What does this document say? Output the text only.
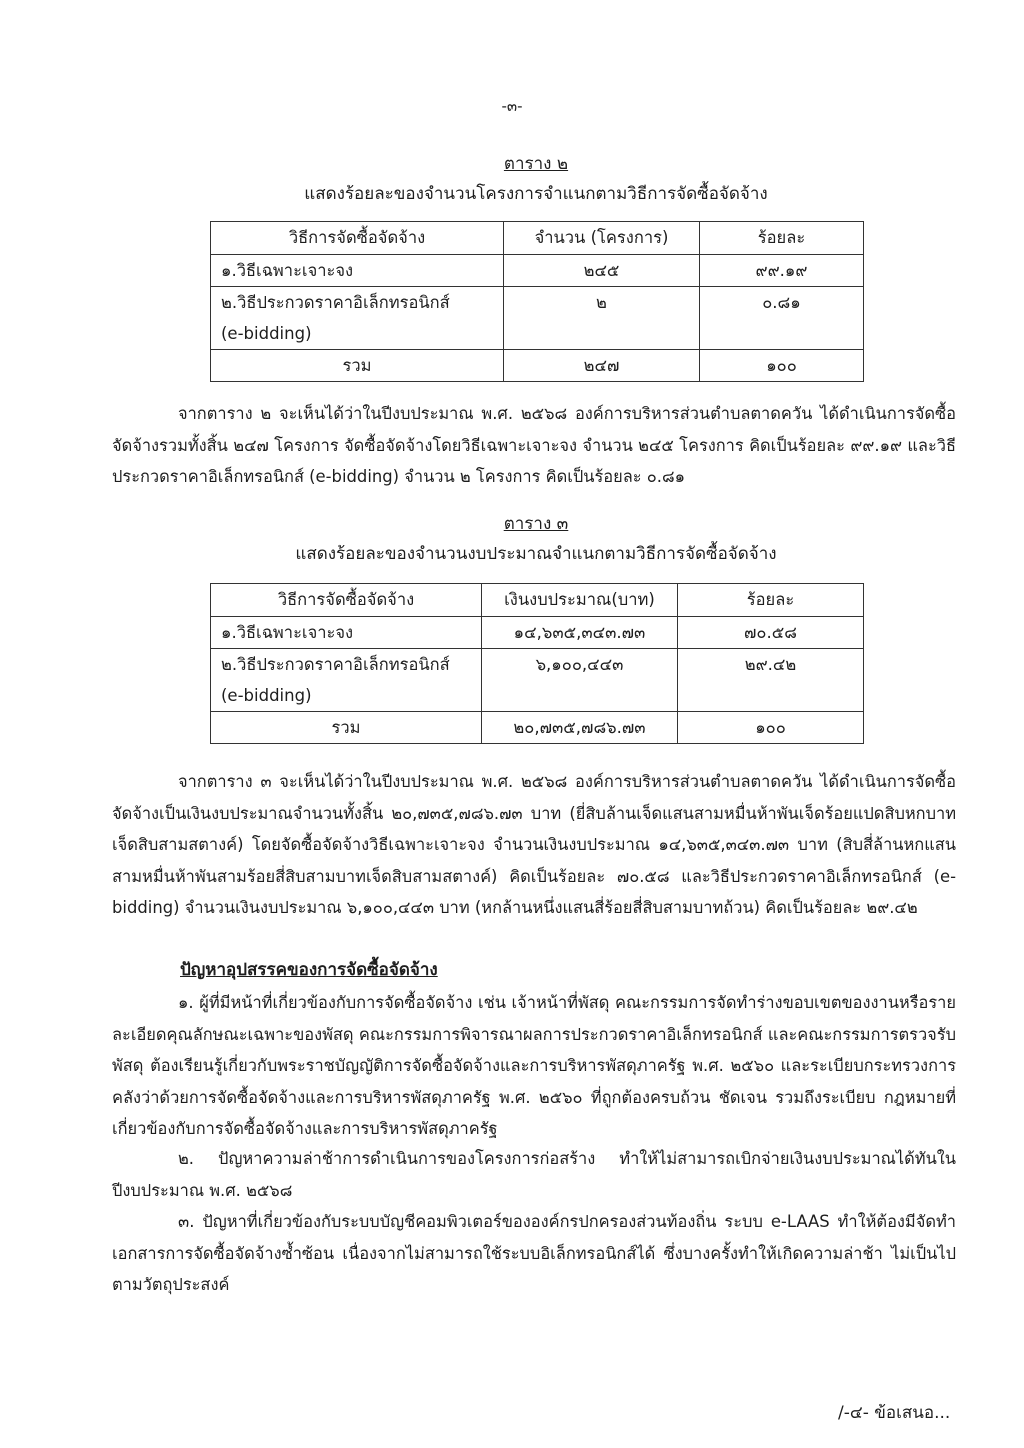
-๓-
ตาราง ๒
แสดงร้อยละของจำนวนโครงการจำแนกตามวิธีการจัดซื้อจัดจ้าง
วิธีการจัดซื้อจัดจ้าง	จำนวน (โครงการ)	ร้อยละ
๑.วิธีเฉพาะเจาะจง	๒๔๕	๙๙.๑๙

๒.วิธีประกวดราคาอิเล็กทรอนิกส์
(e-bidding)	๒	๐.๘๑
รวม	๒๔๗	๑๐๐

จากตาราง ๒ จะเห็นได้ว่าในปีงบประมาณ พ.ศ. ๒๕๖๘ องค์การบริหารส่วนตำบลตาดควัน ได้ดำเนินการจัดซื้อจัดจ้างรวมทั้งสิ้น ๒๔๗ โครงการ จัดซื้อจัดจ้างโดยวิธีเฉพาะเจาะจง จำนวน ๒๔๕ โครงการ คิดเป็นร้อยละ ๙๙.๑๙ และวิธีประกวดราคาอิเล็กทรอนิกส์ (e-bidding) จำนวน ๒ โครงการ คิดเป็นร้อยละ ๐.๘๑

ตาราง ๓
แสดงร้อยละของจำนวนงบประมาณจำแนกตามวิธีการจัดซื้อจัดจ้าง
วิธีการจัดซื้อจัดจ้าง	เงินงบประมาณ(บาท)	ร้อยละ
๑.วิธีเฉพาะเจาะจง	๑๔,๖๓๕,๓๔๓.๗๓	๗๐.๕๘

๒.วิธีประกวดราคาอิเล็กทรอนิกส์
(e-bidding)	๖,๑๐๐,๔๔๓	๒๙.๔๒
รวม	๒๐,๗๓๕,๗๘๖.๗๓	๑๐๐

จากตาราง ๓ จะเห็นได้ว่าในปีงบประมาณ พ.ศ. ๒๕๖๘ องค์การบริหารส่วนตำบลตาดควัน ได้ดำเนินการจัดซื้อจัดจ้างเป็นเงินงบประมาณจำนวนทั้งสิ้น ๒๐,๗๓๕,๗๘๖.๗๓ บาท (ยี่สิบล้านเจ็ดแสนสามหมื่นห้าพันเจ็ดร้อยแปดสิบหกบาทเจ็ดสิบสามสตางค์) โดยจัดซื้อจัดจ้างวิธีเฉพาะเจาะจง จำนวนเงินงบประมาณ ๑๔,๖๓๕,๓๔๓.๗๓ บาท (สิบสี่ล้านหกแสนสามหมื่นห้าพันสามร้อยสี่สิบสามบาทเจ็ดสิบสามสตางค์) คิดเป็นร้อยละ ๗๐.๕๘ และวิธีประกวดราคาอิเล็กทรอนิกส์ (e-bidding) จำนวนเงินงบประมาณ ๖,๑๐๐,๔๔๓ บาท (หกล้านหนึ่งแสนสี่ร้อยสี่สิบสามบาทถ้วน) คิดเป็นร้อยละ ๒๙.๔๒

ปัญหาอุปสรรคของการจัดซื้อจัดจ้าง

๑. ผู้ที่มีหน้าที่เกี่ยวข้องกับการจัดซื้อจัดจ้าง เช่น เจ้าหน้าที่พัสดุ คณะกรรมการจัดทำร่างขอบเขตของงานหรือรายละเอียดคุณลักษณะเฉพาะของพัสดุ คณะกรรมการพิจารณาผลการประกวดราคาอิเล็กทรอนิกส์ และคณะกรรมการตรวจรับพัสดุ ต้องเรียนรู้เกี่ยวกับพระราชบัญญัติการจัดซื้อจัดจ้างและการบริหารพัสดุภาครัฐ พ.ศ. ๒๕๖๐ และระเบียบกระทรวงการคลังว่าด้วยการจัดซื้อจัดจ้างและการบริหารพัสดุภาครัฐ พ.ศ. ๒๕๖๐ ที่ถูกต้องครบถ้วน ชัดเจน รวมถึงระเบียบ กฎหมายที่เกี่ยวข้องกับการจัดซื้อจัดจ้างและการบริหารพัสดุภาครัฐ

๒. ปัญหาความล่าช้าการดำเนินการของโครงการก่อสร้าง ทำให้ไม่สามารถเบิกจ่ายเงินงบประมาณได้ทันในปีงบประมาณ พ.ศ. ๒๕๖๘

๓. ปัญหาที่เกี่ยวข้องกับระบบบัญชีคอมพิวเตอร์ขององค์กรปกครองส่วนท้องถิ่น ระบบ e-LAAS ทำให้ต้องมีจัดทำเอกสารการจัดซื้อจัดจ้างซ้ำซ้อน เนื่องจากไม่สามารถใช้ระบบอิเล็กทรอนิกส์ได้ ซึ่งบางครั้งทำให้เกิดความล่าช้า ไม่เป็นไปตามวัตถุประสงค์

/-๔- ข้อเสนอ...
